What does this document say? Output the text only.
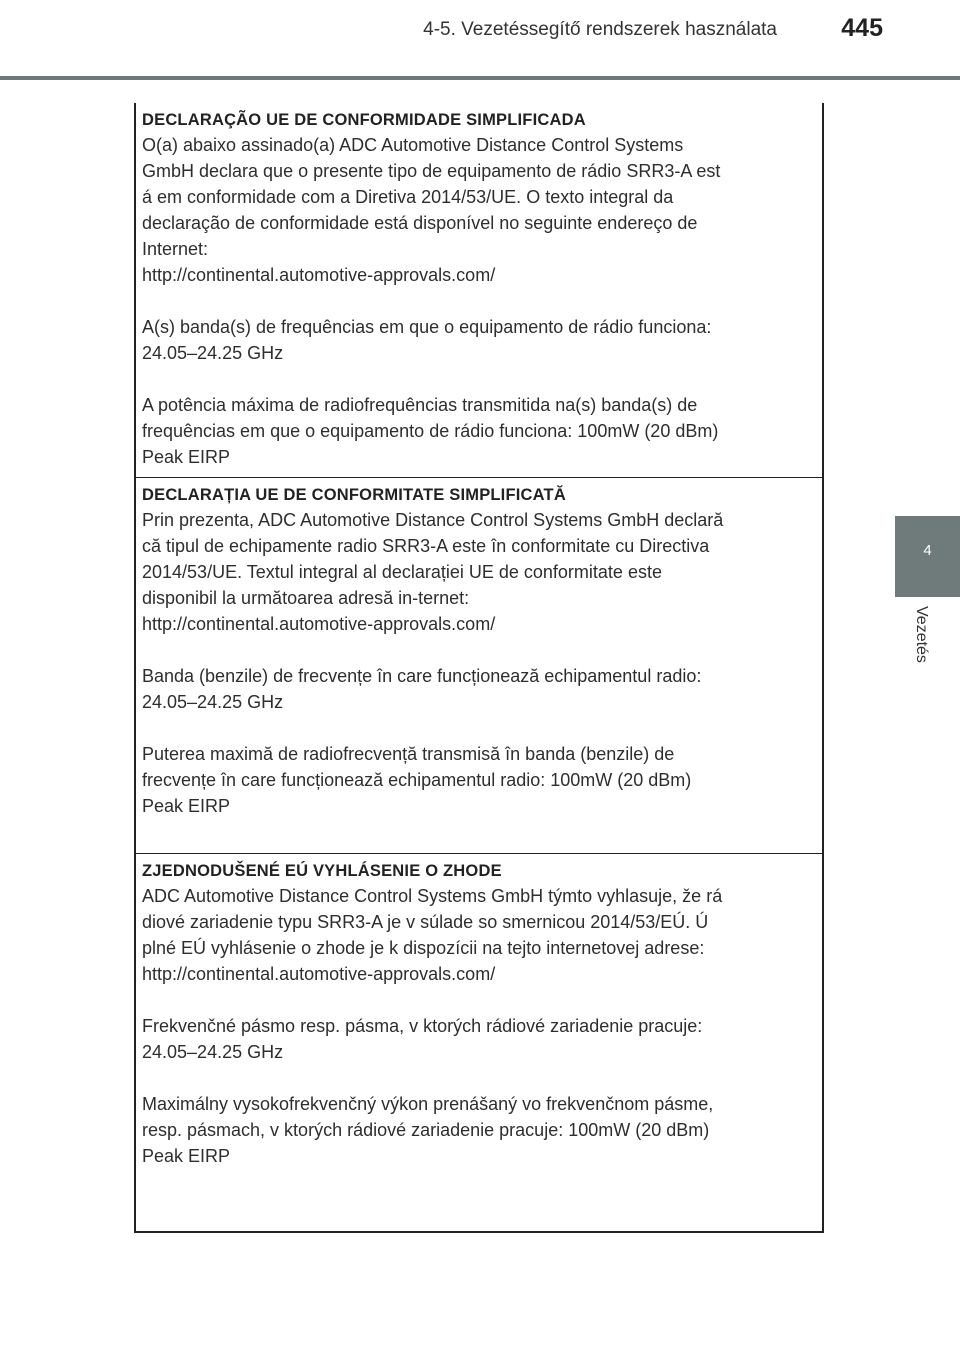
4-5. Vezetéssegítő rendszerek használata	445
4
Vezetés
DECLARAÇÃO UE DE CONFORMIDADE SIMPLIFICADA

O(a) abaixo assinado(a) ADC Automotive Distance Control Systems
GmbH declara que o presente tipo de equipamento de rádio SRR3-A est
á em conformidade com a Diretiva 2014/53/UE. O texto integral da
declaração de conformidade está disponível no seguinte endereço de
Internet:
http://continental.automotive-approvals.com/

A(s) banda(s) de frequências em que o equipamento de rádio funciona:
24.05–24.25 GHz

A potência máxima de radiofrequências transmitida na(s) banda(s) de
frequências em que o equipamento de rádio funciona: 100mW (20 dBm)
Peak EIRP

DECLARAȚIA UE DE CONFORMITATE SIMPLIFICATĂ

Prin prezenta, ADC Automotive Distance Control Systems GmbH declară
că tipul de echipamente radio SRR3-A este în conformitate cu Directiva
2014/53/UE. Textul integral al declarației UE de conformitate este
disponibil la următoarea adresă in-ternet:
http://continental.automotive-approvals.com/

Banda (benzile) de frecvențe în care funcționează echipamentul radio:
24.05–24.25 GHz

Puterea maximă de radiofrecvență transmisă în banda (benzile) de
frecvențe în care funcționează echipamentul radio: 100mW (20 dBm)
Peak EIRP

ZJEDNODUŠENÉ EÚ VYHLÁSENIE O ZHODE

ADC Automotive Distance Control Systems GmbH týmto vyhlasuje, že rá
diové zariadenie typu SRR3-A je v súlade so smernicou 2014/53/EÚ. Ú
plné EÚ vyhlásenie o zhode je k dispozícii na tejto internetovej adrese:
http://continental.automotive-approvals.com/

Frekvenčné pásmo resp. pásma, v ktorých rádiové zariadenie pracuje:
24.05–24.25 GHz

Maximálny vysokofrekvenčný výkon prenášaný vo frekvenčnom pásme,
resp. pásmach, v ktorých rádiové zariadenie pracuje: 100mW (20 dBm)
Peak EIRP
